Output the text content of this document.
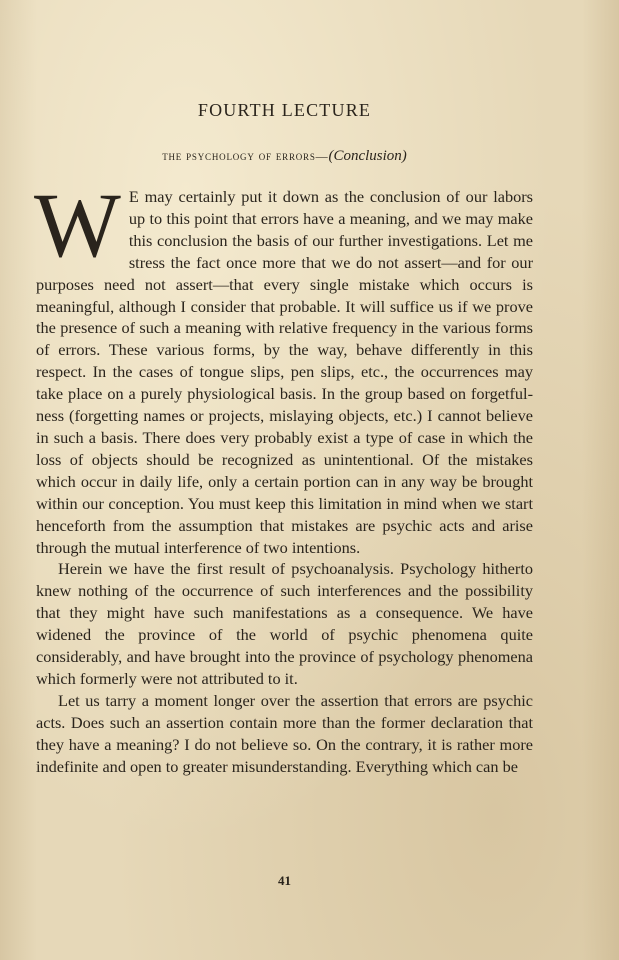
FOURTH LECTURE
the psychology of errors—(Conclusion)

W E may certainly put it down as the conclusion of our labors up to this point that errors have a meaning, and we may make this conclusion the basis of our further investigations. Let me stress the fact once more that we do not assert—and for our purposes need not assert—that every single mistake which occurs is meaningful, although I consider that probable. It will suffice us if we prove the presence of such a meaning with relative frequency in the various forms of errors. These various forms, by the way, behave differently in this respect. In the cases of tongue slips, pen slips, etc., the occurrences may take place on a purely physiological basis. In the group based on forgetfulness (forgetting names or projects, mislaying objects, etc.) I cannot believe in such a basis. There does very probably exist a type of case in which the loss of objects should be recognized as unintentional. Of the mistakes which occur in daily life, only a certain portion can in any way be brought within our conception. You must keep this limitation in mind when we start henceforth from the assumption that mistakes are psychic acts and arise through the mutual interference of two intentions.

Herein we have the first result of psychoanalysis. Psychology hitherto knew nothing of the occurrence of such interferences and the possibility that they might have such manifestations as a consequence. We have widened the province of the world of psychic phenomena quite considerably, and have brought into the province of psychology phenomena which formerly were not attributed to it.

Let us tarry a moment longer over the assertion that errors are psychic acts. Does such an assertion contain more than the former declaration that they have a meaning? I do not believe so. On the contrary, it is rather more indefinite and open to greater misunderstanding. Everything which can be

41
